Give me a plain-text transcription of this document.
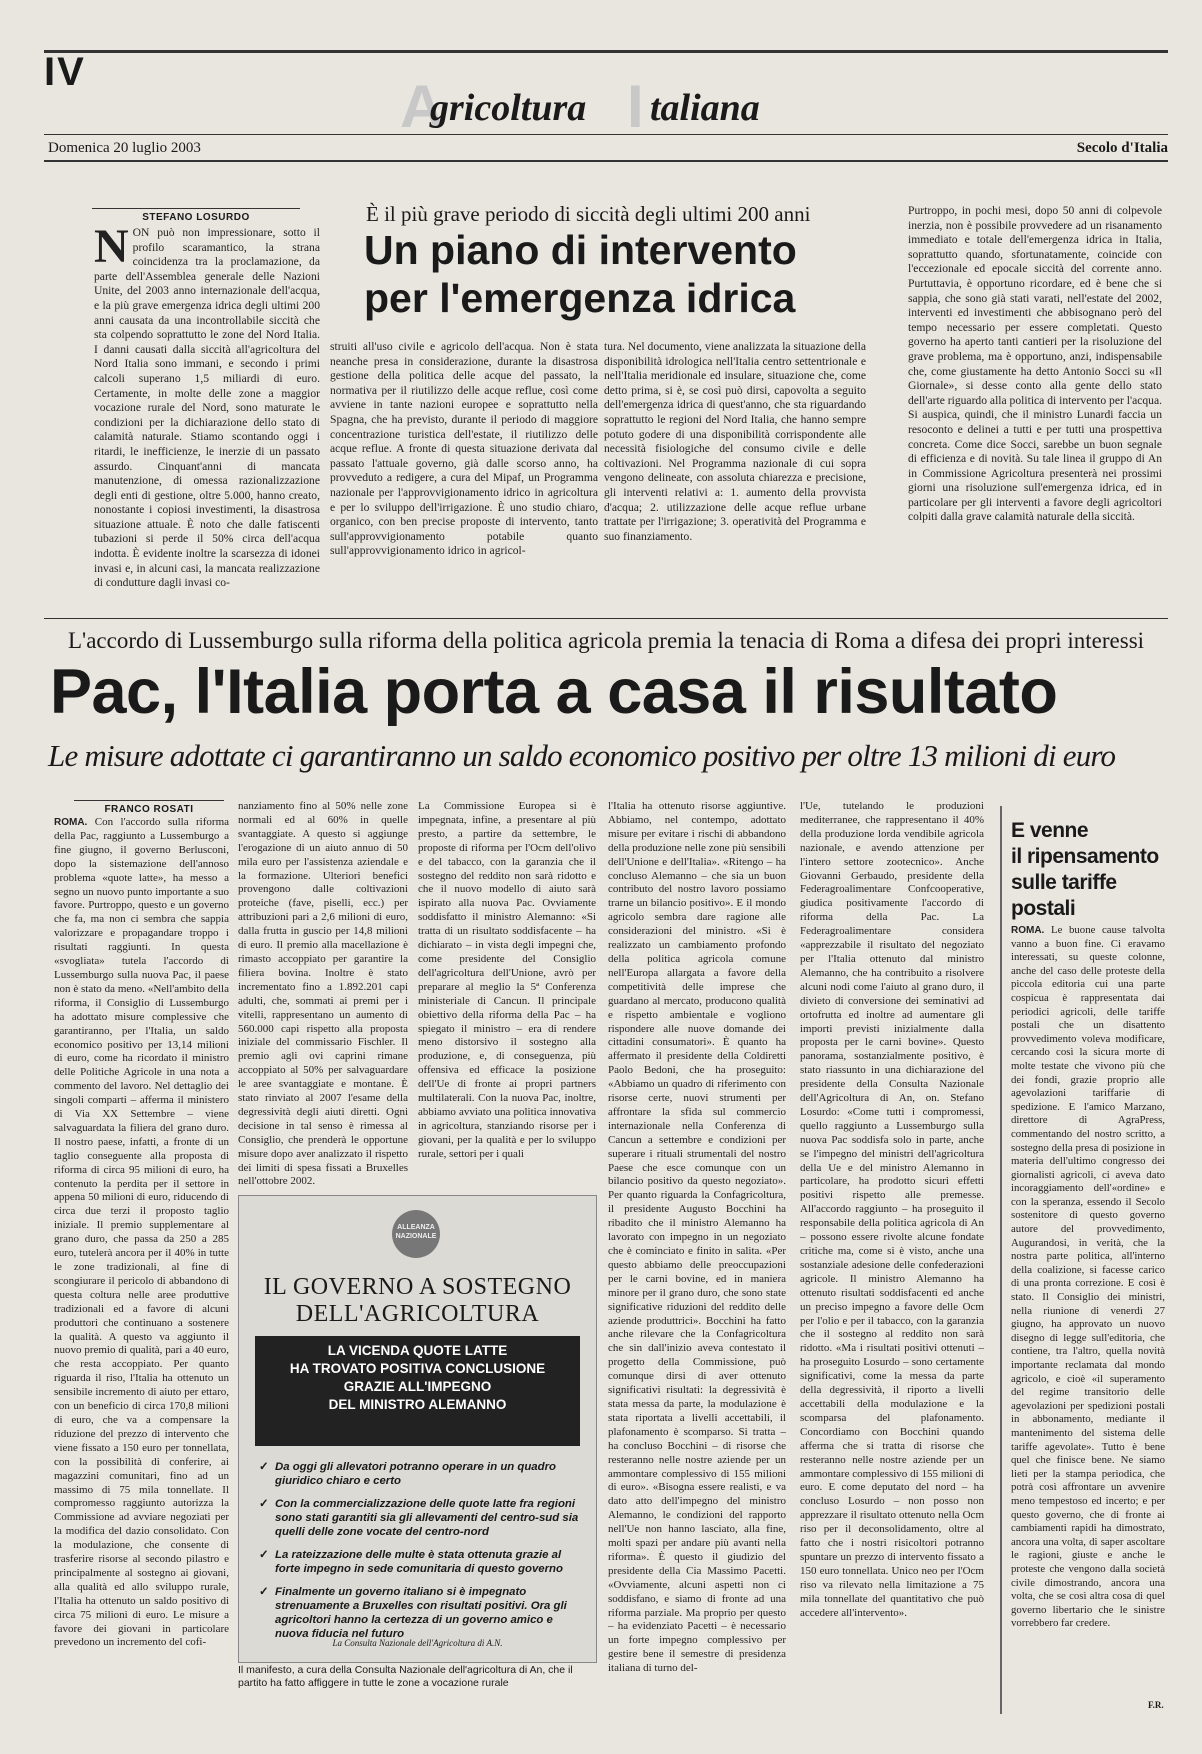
IV
A
gricoltura I taliana
Domenica 20 luglio 2003	Secolo d'Italia
STEFANO LOSURDO	È il più grave periodo di siccità degli ultimi 200 anni
Un piano di intervento
per l'emergenza idrica
NON può non impressionare, sotto il profilo scaramantico, la strana coincidenza tra la proclamazione, da parte dell'Assemblea generale delle Nazioni Unite, del 2003 anno internazionale dell'acqua, e la più grave emergenza idrica degli ultimi 200 anni causata da una incontrollabile siccità che sta colpendo soprattutto le zone del Nord Italia. I danni causati dalla siccità all'agricoltura del Nord Italia sono immani, e secondo i primi calcoli superano 1,5 miliardi di euro. Certamente, in molte delle zone a maggior vocazione rurale del Nord, sono maturate le condizioni per la dichiarazione dello stato di calamità naturale. Stiamo scontando oggi i ritardi, le inefficienze, le inerzie di un passato assurdo. Cinquant'anni di mancata manutenzione, di omessa razionalizzazione degli enti di gestione, oltre 5.000, hanno creato, nonostante i copiosi investimenti, la disastrosa situazione attuale. È noto che dalle fatiscenti tubazioni si perde il 50% circa dell'acqua indotta. È evidente inoltre la scarsezza di idonei invasi e, in alcuni casi, la mancata realizzazione di condutture dagli invasi co-
struiti all'uso civile e agricolo dell'acqua. Non è stata neanche presa in considerazione, durante la disastrosa gestione della politica delle acque del passato, la normativa per il riutilizzo delle acque reflue, così come avviene in tante nazioni europee e soprattutto nella Spagna, che ha previsto, durante il periodo di maggiore concentrazione turistica dell'estate, il riutilizzo delle acque reflue. A fronte di questa situazione derivata dal passato l'attuale governo, già dalle scorso anno, ha provveduto a redigere, a cura del Mipaf, un Programma nazionale per l'approvvigionamento idrico in agricoltura e per lo sviluppo dell'irrigazione. È uno studio chiaro, organico, con ben precise proposte di intervento, tanto sull'approvvigionamento potabile quanto sull'approvvigionamento idrico in agricol-
tura. Nel documento, viene analizzata la situazione della disponibilità idrologica nell'Italia centro settentrionale e nell'Italia meridionale ed insulare, situazione che, come detto prima, si è, se così può dirsi, capovolta a seguito dell'emergenza idrica di quest'anno, che sta riguardando soprattutto le regioni del Nord Italia, che hanno sempre potuto godere di una disponibilità corrispondente alle necessità fisiologiche del consumo civile e delle coltivazioni. Nel Programma nazionale di cui sopra vengono delineate, con assoluta chiarezza e precisione, gli interventi relativi a: 1. aumento della provvista d'acqua; 2. utilizzazione delle acque reflue urbane trattate per l'irrigazione; 3. operatività del Programma e suo finanziamento.
Purtroppo, in pochi mesi, dopo 50 anni di colpevole inerzia, non è possibile provvedere ad un risanamento immediato e totale dell'emergenza idrica in Italia, soprattutto quando, sfortunatamente, coincide con l'eccezionale ed epocale siccità del corrente anno. Purtuttavia, è opportuno ricordare, ed è bene che si sappia, che sono già stati varati, nell'estate del 2002, interventi ed investimenti che abbisognano però del tempo necessario per essere completati. Questo governo ha aperto tanti cantieri per la risoluzione del grave problema, ma è opportuno, anzi, indispensabile che, come giustamente ha detto Antonio Socci su «Il Giornale», si desse conto alla gente dello stato dell'arte riguardo alla politica di intervento per l'acqua. Si auspica, quindi, che il ministro Lunardi faccia un resoconto e delinei a tutti e per tutti una prospettiva concreta. Come dice Socci, sarebbe un buon segnale di efficienza e di novità. Su tale linea il gruppo di An in Commissione Agricoltura presenterà nei prossimi giorni una risoluzione sull'emergenza idrica, ed in particolare per gli interventi a favore degli agricoltori colpiti dalla grave calamità naturale della siccità.
L'accordo di Lussemburgo sulla riforma della politica agricola premia la tenacia di Roma a difesa dei propri interessi
Pac, l'Italia porta a casa il risultato
Le misure adottate ci garantiranno un saldo economico positivo per oltre 13 milioni di euro
FRANCO ROSATI
ROMA. Con l'accordo sulla riforma della Pac, raggiunto a Lussemburgo a fine giugno, il governo Berlusconi, dopo la sistemazione dell'annoso problema «quote latte», ha messo a segno un nuovo punto importante a suo favore. Purtroppo, questo e un governo che fa, ma non ci sembra che sappia valorizzare e propagandare troppo i risultati raggiunti. In questa «svogliata» tutela l'accordo di Lussemburgo sulla nuova Pac, il paese non è stato da meno. «Nell'ambito della riforma, il Consiglio di Lussemburgo ha adottato misure complessive che garantiranno, per l'Italia, un saldo economico positivo per 13,14 milioni di euro, come ha ricordato il ministro delle Politiche Agricole in una nota a commento del lavoro. Nel dettaglio dei singoli comparti – afferma il ministero di Via XX Settembre – viene salvaguardata la filiera del grano duro. Il nostro paese, infatti, a fronte di un taglio conseguente alla proposta di riforma di circa 95 milioni di euro, ha contenuto la perdita per il settore in appena 50 milioni di euro, riducendo di circa due terzi il proposto taglio iniziale. Il premio supplementare al grano duro, che passa da 250 a 285 euro, tutelerà ancora per il 40% in tutte le zone tradizionali, al fine di scongiurare il pericolo di abbandono di questa coltura nelle aree produttive tradizionali ed a favore di alcuni produttori che continuano a sostenere la qualità. A questo va aggiunto il nuovo premio di qualità, pari a 40 euro, che resta accoppiato. Per quanto riguarda il riso, l'Italia ha ottenuto un sensibile incremento di aiuto per ettaro, con un beneficio di circa 170,8 milioni di euro, che va a compensare la riduzione del prezzo di intervento che viene fissato a 150 euro per tonnellata, con la possibilità di conferire, ai magazzini comunitari, fino ad un massimo di 75 mila tonnellate. Il compromesso raggiunto autorizza la Commissione ad avviare negoziati per la modifica del dazio consolidato. Con la modulazione, che consente di trasferire risorse al secondo pilastro e principalmente al sostegno ai giovani, alla qualità ed allo sviluppo rurale, l'Italia ha ottenuto un saldo positivo di circa 75 milioni di euro. Le misure a favore dei giovani in particolare prevedono un incremento del cofi-
nanziamento fino al 50% nelle zone normali ed al 60% in quelle svantaggiate. A questo si aggiunge l'erogazione di un aiuto annuo di 50 mila euro per l'assistenza aziendale e la formazione. Ulteriori benefici provengono dalle coltivazioni proteiche (fave, piselli, ecc.) per attribuzioni pari a 2,6 milioni di euro, dalla frutta in guscio per 14,8 milioni di euro. Il premio alla macellazione è rimasto accoppiato per garantire la filiera bovina. Inoltre è stato incrementato fino a 1.892.201 capi adulti, che, sommati ai premi per i vitelli, rappresentano un aumento di 560.000 capi rispetto alla proposta iniziale del commissario Fischler. Il premio agli ovi caprini rimane accoppiato al 50% per salvaguardare le aree svantaggiate e montane. È stato rinviato al 2007 l'esame della degressività degli aiuti diretti. Ogni decisione in tal senso è rimessa al Consiglio, che prenderà le opportune misure dopo aver analizzato il rispetto dei limiti di spesa fissati a Bruxelles nell'ottobre 2002.
La Commissione Europea si è impegnata, infine, a presentare al più presto, a partire da settembre, le proposte di riforma per l'Ocm dell'olivo e del tabacco, con la garanzia che il sostegno del reddito non sarà ridotto e che il nuovo modello di aiuto sarà ispirato alla nuova Pac. Ovviamente soddisfatto il ministro Alemanno: «Si tratta di un risultato soddisfacente – ha dichiarato – in vista degli impegni che, come presidente del Consiglio dell'agricoltura dell'Unione, avrò per preparare al meglio la 5ª Conferenza ministeriale di Cancun. Il principale obiettivo della riforma della Pac – ha spiegato il ministro – era di rendere meno distorsivo il sostegno alla produzione, e, di conseguenza, più offensiva ed efficace la posizione dell'Ue di fronte ai propri partners multilaterali. Con la nuova Pac, inoltre, abbiamo avviato una politica innovativa in agricoltura, stanziando risorse per i giovani, per la qualità e per lo sviluppo rurale, settori per i quali
l'Italia ha ottenuto risorse aggiuntive. Abbiamo, nel contempo, adottato misure per evitare i rischi di abbandono della produzione nelle zone più sensibili dell'Unione e dell'Italia». «Ritengo – ha concluso Alemanno – che sia un buon contributo del nostro lavoro possiamo trarne un bilancio positivo». E il mondo agricolo sembra dare ragione alle considerazioni del ministro. «Si è realizzato un cambiamento profondo della politica agricola comune nell'Europa allargata a favore della competitività delle imprese che guardano al mercato, producono qualità e rispetto ambientale e vogliono rispondere alle nuove domande dei cittadini consumatori». È quanto ha affermato il presidente della Coldiretti Paolo Bedoni, che ha proseguito: «Abbiamo un quadro di riferimento con risorse certe, nuovi strumenti per affrontare la sfida sul commercio internazionale nella Conferenza di Cancun a settembre e condizioni per superare i rituali strumentali del nostro Paese che esce comunque con un bilancio positivo da questo negoziato». Per quanto riguarda la Confagricoltura, il presidente Augusto Bocchini ha ribadito che il ministro Alemanno ha lavorato con impegno in un negoziato che è cominciato e finito in salita. «Per questo abbiamo delle preoccupazioni per le carni bovine, ed in maniera minore per il grano duro, che sono state significative riduzioni del reddito delle aziende produttrici». Bocchini ha fatto anche rilevare che la Confagricoltura che sin dall'inizio aveva contestato il progetto della Commissione, può comunque dirsi di aver ottenuto significativi risultati: la degressività è stata messa da parte, la modulazione è stata riportata a livelli accettabili, il plafonamento è scomparso. Si tratta – ha concluso Bocchini – di risorse che resteranno nelle nostre aziende per un ammontare complessivo di 155 milioni di euro». «Bisogna essere realisti, e va dato atto dell'impegno del ministro Alemanno, le condizioni del rapporto nell'Ue non hanno lasciato, alla fine, molti spazi per andare più avanti nella riforma». È questo il giudizio del presidente della Cia Massimo Pacetti. «Ovviamente, alcuni aspetti non ci soddisfano, e siamo di fronte ad una riforma parziale. Ma proprio per questo – ha evidenziato Pacetti – è necessario un forte impegno complessivo per gestire bene il semestre di presidenza italiana di turno del-
l'Ue, tutelando le produzioni mediterranee, che rappresentano il 40% della produzione lorda vendibile agricola nazionale, e avendo attenzione per l'intero settore zootecnico». Anche Giovanni Gerbaudo, presidente della Federagroalimentare Confcooperative, giudica positivamente l'accordo di riforma della Pac. La Federagroalimentare considera «apprezzabile il risultato del negoziato per l'Italia ottenuto dal ministro Alemanno, che ha contribuito a risolvere alcuni nodi come l'aiuto al grano duro, il divieto di conversione dei seminativi ad ortofrutta ed inoltre ad aumentare gli importi previsti inizialmente dalla proposta per le carni bovine». Questo panorama, sostanzialmente positivo, è stato riassunto in una dichiarazione del presidente della Consulta Nazionale dell'Agricoltura di An, on. Stefano Losurdo: «Come tutti i compromessi, quello raggiunto a Lussemburgo sulla nuova Pac soddisfa solo in parte, anche se l'impegno del ministri dell'agricoltura della Ue e del ministro Alemanno in particolare, ha prodotto sicuri effetti positivi rispetto alle premesse. All'accordo raggiunto – ha proseguito il responsabile della politica agricola di An – possono essere rivolte alcune fondate critiche ma, come si è visto, anche una sostanziale adesione delle confederazioni agricole. Il ministro Alemanno ha ottenuto risultati soddisfacenti ed anche un preciso impegno a favore delle Ocm per l'olio e per il tabacco, con la garanzia che il sostegno al reddito non sarà ridotto. «Ma i risultati positivi ottenuti – ha proseguito Losurdo – sono certamente significativi, come la messa da parte della degressività, il riporto a livelli accettabili della modulazione e la scomparsa del plafonamento. Concordiamo con Bocchini quando afferma che si tratta di risorse che resteranno nelle nostre aziende per un ammontare complessivo di 155 milioni di euro. E come deputato del nord – ha concluso Losurdo – non posso non apprezzare il risultato ottenuto nella Ocm riso per il deconsolidamento, oltre al fatto che i nostri risicoltori potranno spuntare un prezzo di intervento fissato a 150 euro tonnellata. Unico neo per l'Ocm riso va rilevato nella limitazione a 75 mila tonnellate del quantitativo che può accedere all'intervento».
ALLEANZA NAZIONALE
IL GOVERNO A SOSTEGNO
DELL'AGRICOLTURA
LA VICENDA QUOTE LATTE
HA TROVATO POSITIVA CONCLUSIONE
GRAZIE ALL'IMPEGNO
DEL MINISTRO ALEMANNO
✓ Da oggi gli allevatori potranno operare in un quadro giuridico chiaro e certo
✓ Con la commercializzazione delle quote latte fra regioni sono stati garantiti sia gli allevamenti del centro-sud sia quelli delle zone vocate del centro-nord
✓ La rateizzazione delle multe è stata ottenuta grazie al forte impegno in sede comunitaria di questo governo
✓ Finalmente un governo italiano si è impegnato strenuamente a Bruxelles con risultati positivi. Ora gli agricoltori hanno la certezza di un governo amico e nuova fiducia nel futuro
La Consulta Nazionale dell'Agricoltura di A.N.
Il manifesto, a cura della Consulta Nazionale dell'agricoltura di An, che il partito ha fatto affiggere in tutte le zone a vocazione rurale
E venne
il ripensamento
sulle tariffe
postali
ROMA. Le buone cause talvolta vanno a buon fine. Ci eravamo interessati, su queste colonne, anche del caso delle proteste della piccola editoria cui una parte cospicua è rappresentata dai periodici agricoli, delle tariffe postali che un disattento provvedimento voleva modificare, cercando così la sicura morte di molte testate che vivono più che dei fondi, grazie proprio alle agevolazioni tariffarie di spedizione. E l'amico Marzano, direttore di AgraPress, commentando del nostro scritto, a sostegno della presa di posizione in materia dell'ultimo congresso dei giornalisti agricoli, ci aveva dato incoraggiamento dell'«ordine» e con la speranza, essendo il Secolo sostenitore di questo governo autore del provvedimento, Augurandosi, in verità, che la nostra parte politica, all'interno della coalizione, si facesse carico di una pronta correzione. E così è stato. Il Consiglio dei ministri, nella riunione di venerdì 27 giugno, ha approvato un nuovo disegno di legge sull'editoria, che contiene, tra l'altro, quella novità importante reclamata dal mondo agricolo, e cioè «il superamento del regime transitorio delle agevolazioni per spedizioni postali in abbonamento, mediante il mantenimento del sistema delle tariffe agevolate». Tutto è bene quel che finisce bene. Ne siamo lieti per la stampa periodica, che potrà così affrontare un avvenire meno tempestoso ed incerto; e per questo governo, che di fronte ai cambiamenti rapidi ha dimostrato, ancora una volta, di saper ascoltare le ragioni, giuste e anche le proteste che vengono dalla società civile dimostrando, ancora una volta, che se così altra cosa di quel governo libertario che le sinistre vorrebbero far credere.
F.R.
